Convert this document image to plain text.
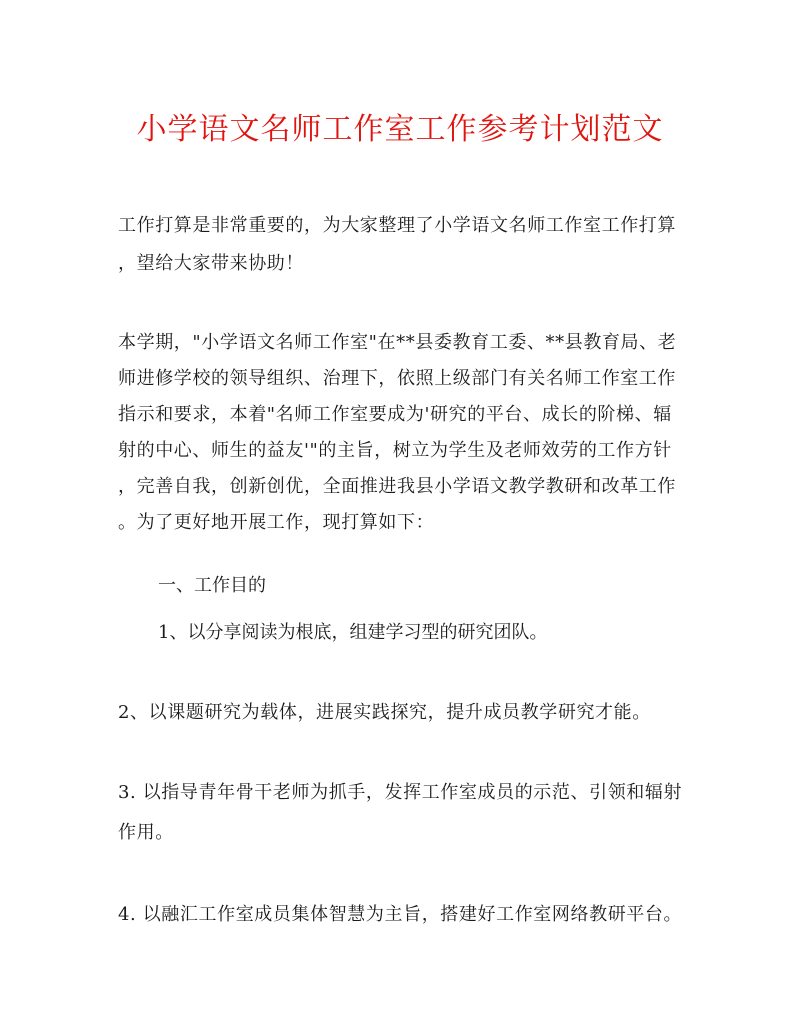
小学语文名师工作室工作参考计划范文
工作打算是非常重要的，为大家整理了小学语文名师工作室工作打算
，望给大家带来协助！
本学期，"小学语文名师工作室"在**县委教育工委、**县教育局、老
师进修学校的领导组织、治理下，依照上级部门有关名师工作室工作
指示和要求，本着"名师工作室要成为'研究的平台、成长的阶梯、辐
射的中心、师生的益友'"的主旨，树立为学生及老师效劳的工作方针
，完善自我，创新创优，全面推进我县小学语文教学教研和改革工作
。为了更好地开展工作，现打算如下：
一、工作目的
1、以分享阅读为根底，组建学习型的研究团队。
2、以课题研究为载体，进展实践探究，提升成员教学研究才能。
3. 以指导青年骨干老师为抓手，发挥工作室成员的示范、引领和辐射
作用。
4. 以融汇工作室成员集体智慧为主旨，搭建好工作室网络教研平台。
